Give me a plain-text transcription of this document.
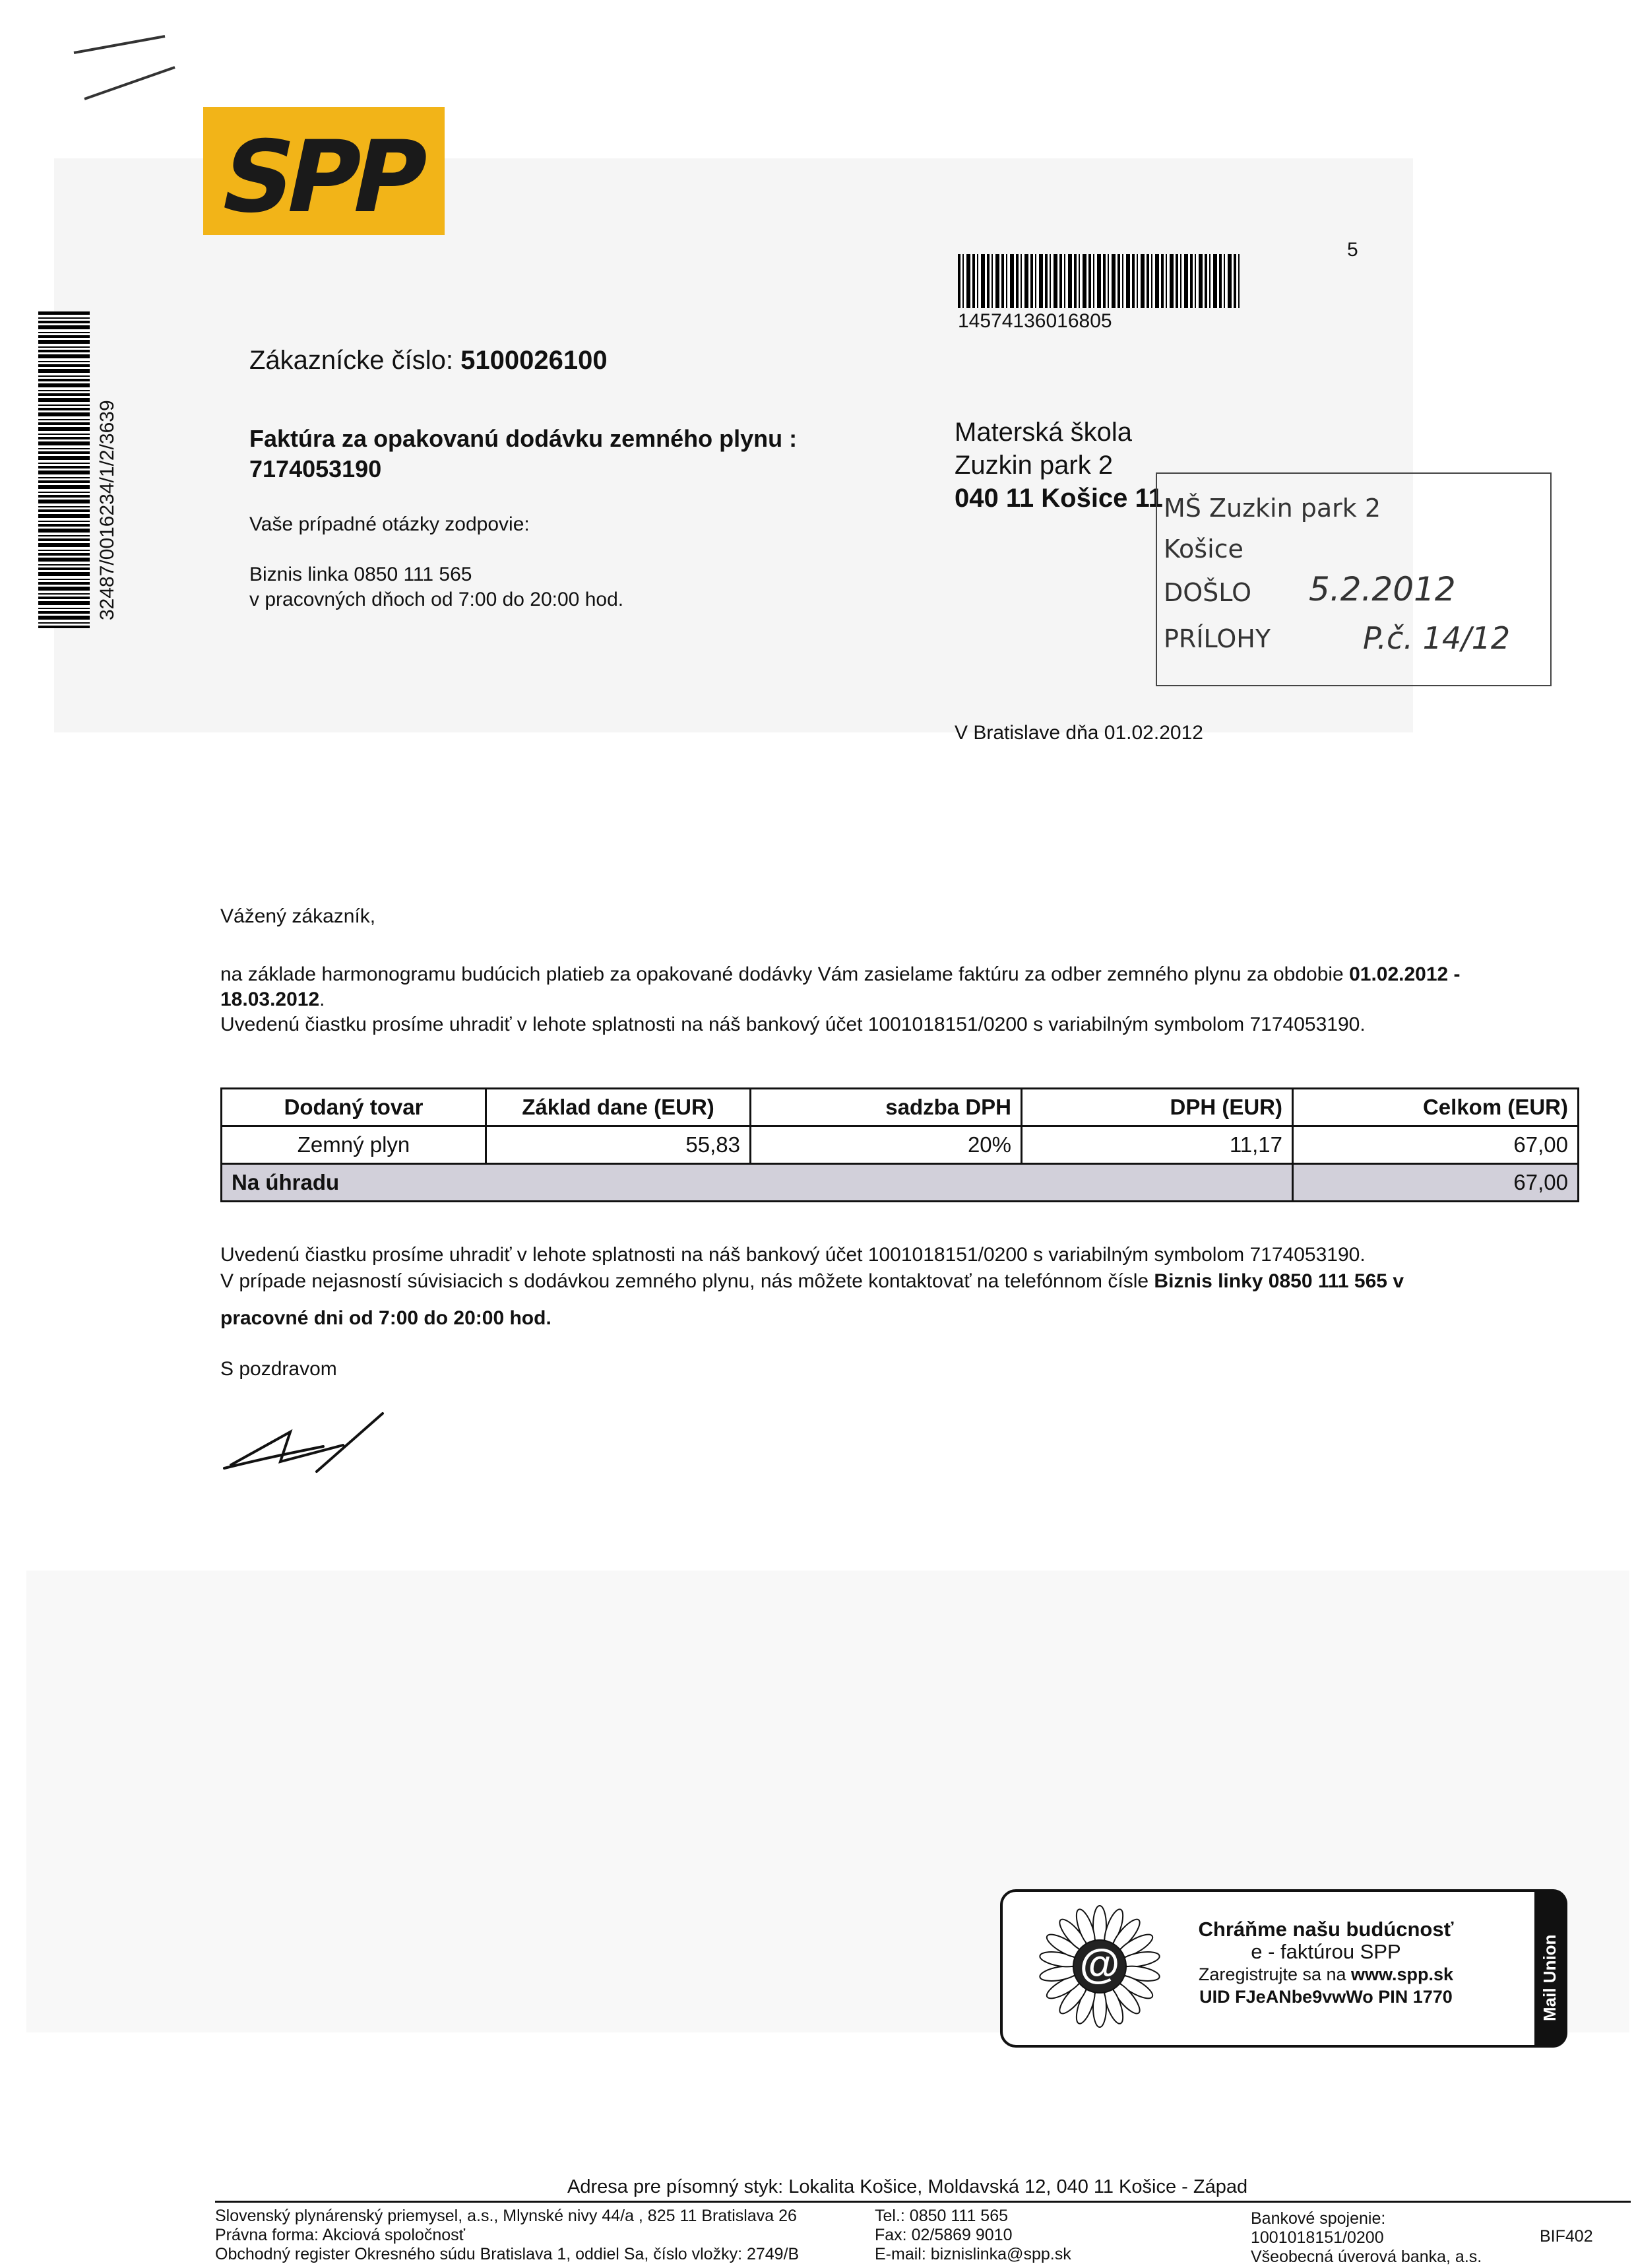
SPP
14574136016805
5
32487/0016234/1/2/3639
Zákaznícke číslo: 5100026100
Faktúra za opakovanú dodávku zemného plynu :
7174053190
Vaše prípadné otázky zodpovie:
Biznis linka 0850 111 565
v pracovných dňoch od 7:00 do 20:00 hod.
Materská škola
Zuzkin park 2
040 11 Košice 11 MŠ Zuzkin park 2
Košice
DOŠLO 5.2.2012
PRÍLOHY	P.č. 14/12
V Bratislave dňa 01.02.2012
Vážený zákazník,
na základe harmonogramu budúcich platieb za opakované dodávky Vám zasielame faktúru za odber zemného plynu za obdobie 01.02.2012 -
18.03.2012.
Uvedenú čiastku prosíme uhradiť v lehote splatnosti na náš bankový účet 1001018151/0200 s variabilným symbolom 7174053190.
Dodaný tovar	Základ dane (EUR)	sadzba DPH	DPH (EUR)	Celkom (EUR)
Zemný plyn	55,83	20%	11,17	67,00
Na úhradu				67,00
Uvedenú čiastku prosíme uhradiť v lehote splatnosti na náš bankový účet 1001018151/0200 s variabilným symbolom 7174053190.
V prípade nejasností súvisiacich s dodávkou zemného plynu, nás môžete kontaktovať na telefónnom čísle Biznis linky 0850 111 565 v
pracovné dni od 7:00 do 20:00 hod.
S pozdravom
@
Chráňme našu budúcnosť
e - faktúrou SPP
Zaregistrujte sa na www.spp.sk
UID FJeANbe9vwWo PIN 1770	Mail Union
Adresa pre písomný styk: Lokalita Košice, Moldavská 12, 040 11 Košice - Západ
Slovenský plynárenský priemysel, a.s., Mlynské nivy 44/a , 825 11 Bratislava 26
Právna forma: Akciová spoločnosť
Obchodný register Okresného súdu Bratislava 1, oddiel Sa, číslo vložky: 2749/B
Tel.: 0850 111 565
Fax: 02/5869 9010
E-mail: biznislinka@spp.sk
Bankové spojenie:
1001018151/0200
Všeobecná úverová banka, a.s.
BIF402
